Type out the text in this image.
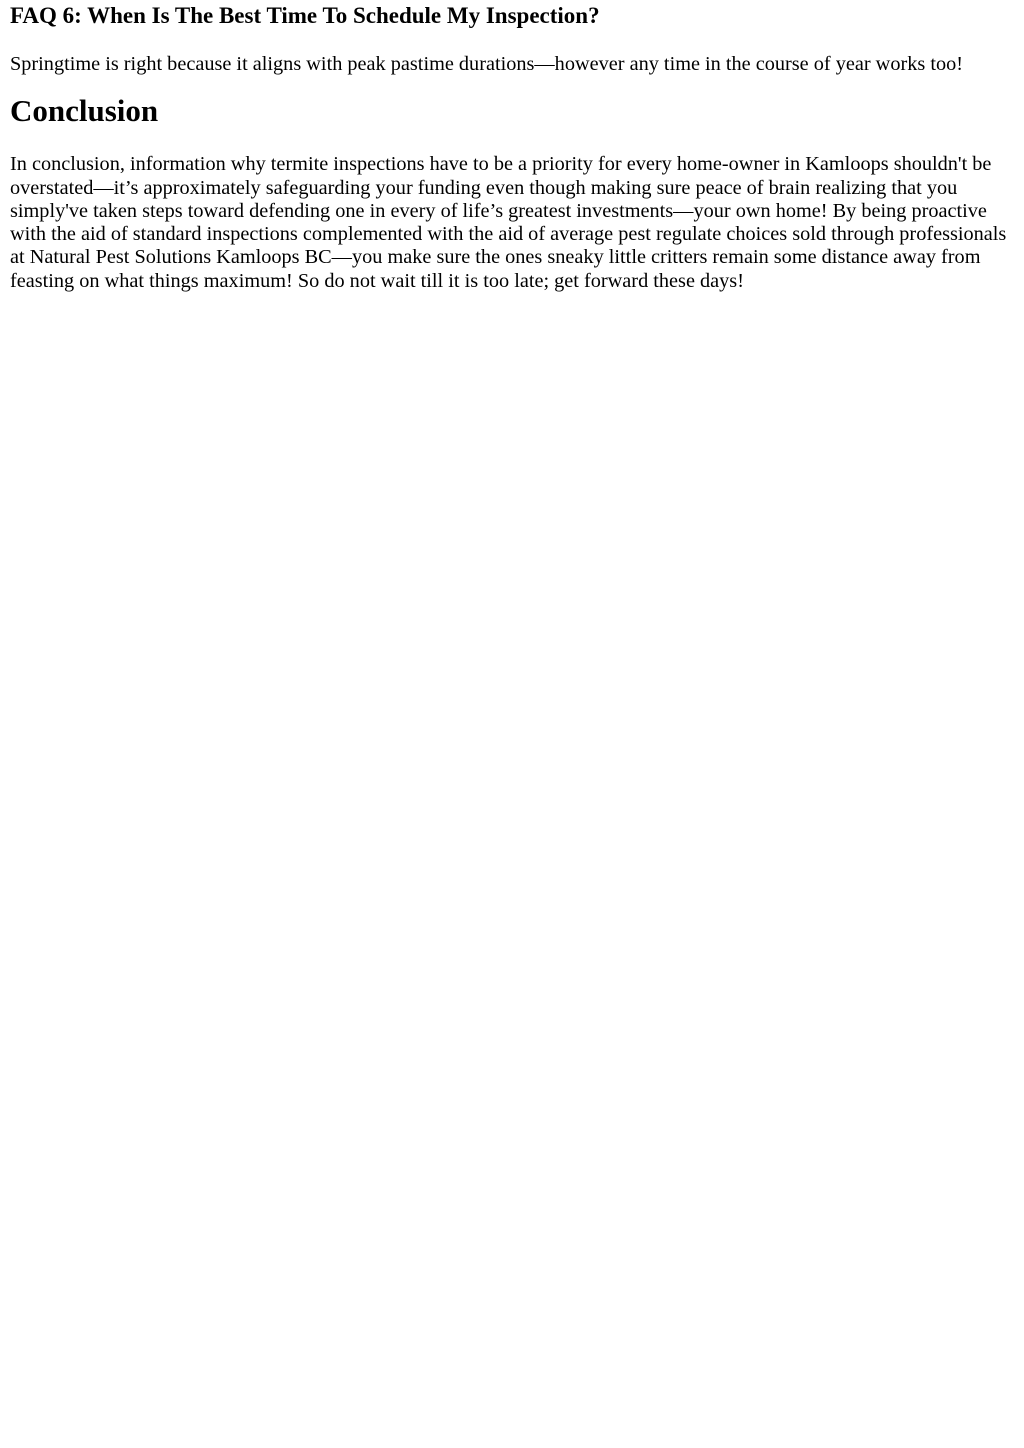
FAQ 6: When Is The Best Time To Schedule My Inspection?

Springtime is right because it aligns with peak pastime durations—however any time in the course of year works too!

Conclusion

In conclusion, information why termite inspections have to be a priority for every home-owner in Kamloops shouldn't be overstated—it’s approximately safeguarding your funding even though making sure peace of brain realizing that you simply've taken steps toward defending one in every of life’s greatest investments—your own home! By being proactive with the aid of standard inspections complemented with the aid of average pest regulate choices sold through professionals at Natural Pest Solutions Kamloops BC—you make sure the ones sneaky little critters remain some distance away from feasting on what things maximum! So do not wait till it is too late; get forward these days!
